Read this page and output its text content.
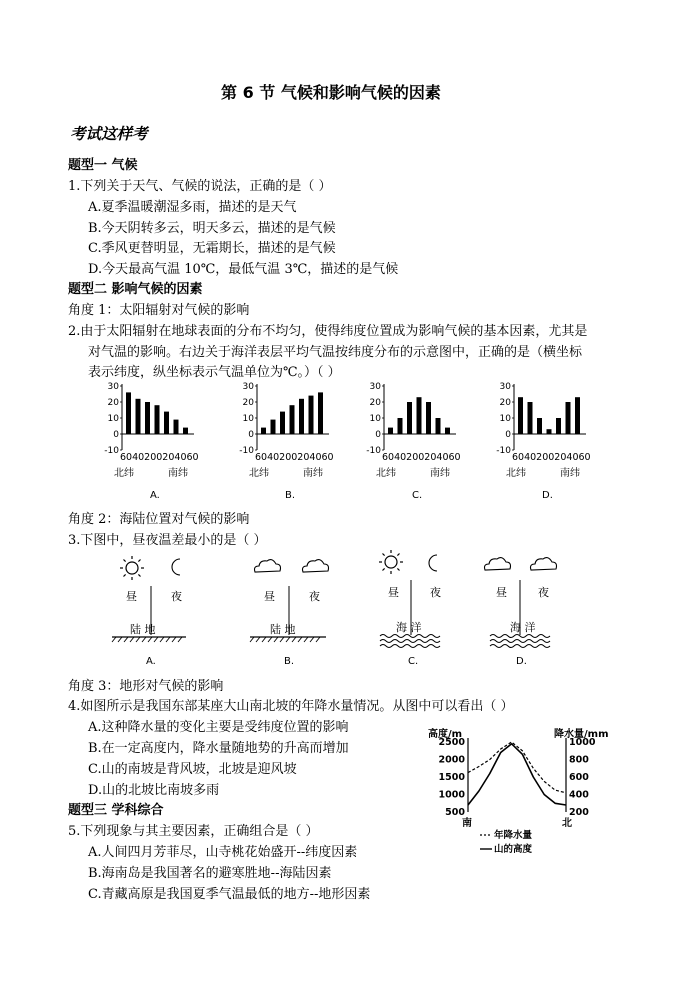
第 6 节 气候和影响气候的因素
考试这样考
题型一 气候
1.下列关于天气、气候的说法，正确的是（ ）
A.夏季温暖潮湿多雨，描述的是天气
B.今天阴转多云，明天多云，描述的是气候
C.季风更替明显，无霜期长，描述的是气候
D.今天最高气温 10℃，最低气温 3℃，描述的是气候
题型二 影响气候的因素
角度 1：太阳辐射对气候的影响
2.由于太阳辐射在地球表面的分布不均匀，使得纬度位置成为影响气候的基本因素，尤其是
对气温的影响。右边关于海洋表层平均气温按纬度分布的示意图中，正确的是（横坐标
表示纬度，纵坐标表示气温单位为℃。）（ ）
30
20
10
0
-10
6040200204060
北纬	南纬
A.
30
20
10
0
-10
6040200204060
北纬	南纬
B.
30
20
10
0
-10
6040200204060
北纬	南纬
C.
30
20
10
0
-10
6040200204060
北纬	南纬
D.
角度 2：海陆位置对气候的影响
3.下图中，昼夜温差最小的是（ ）
昼	夜
陆 地
A.
昼	夜
陆 地
B.
昼	夜
海 洋
C.
昼	夜
海 洋
D.
角度 3：地形对气候的影响
4.如图所示是我国东部某座大山南北坡的年降水量情况。从图中可以看出（ ）
A.这种降水量的变化主要是受纬度位置的影响
B.在一定高度内，降水量随地势的升高而增加
C.山的南坡是背风坡，北坡是迎风坡
D.山的北坡比南坡多雨
高度/m	降水量/mm
2500
2000
1500
1000
500
1000
800
600
400
200
南	北
年降水量
山的高度
题型三 学科综合
5.下列现象与其主要因素，正确组合是（ ）
A.人间四月芳菲尽，山寺桃花始盛开--纬度因素
B.海南岛是我国著名的避寒胜地--海陆因素
C.青藏高原是我国夏季气温最低的地方--地形因素
